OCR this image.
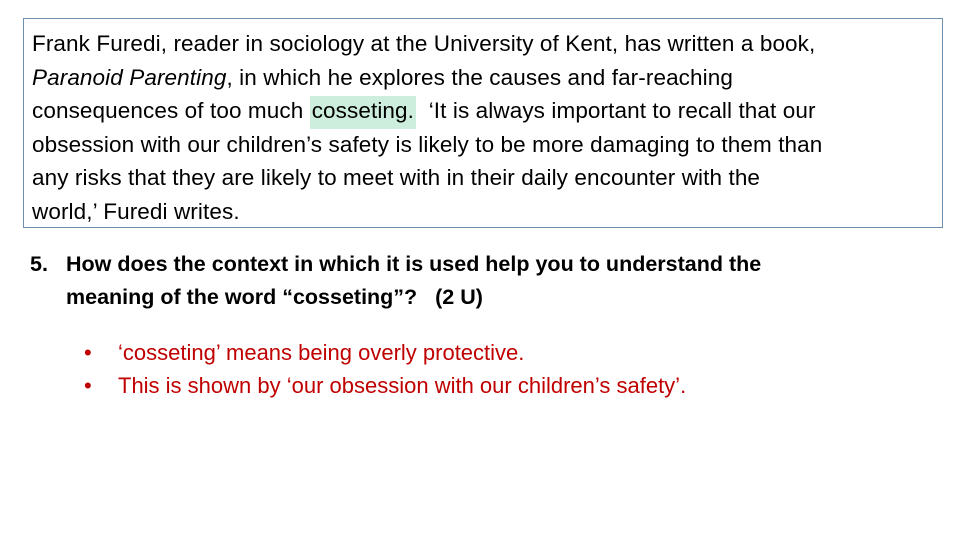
Frank Furedi, reader in sociology at the University of Kent, has written a book,
Paranoid Parenting, in which he explores the causes and far-reaching
consequences of too much cosseting.  ‘It is always important to recall that our
obsession with our children’s safety is likely to be more damaging to them than
any risks that they are likely to meet with in their daily encounter with the
world,’ Furedi writes.
5. How does the context in which it is used help you to understand the
meaning of the word “cosseting”?   (2 U)
• ‘cosseting’ means being overly protective.
• This is shown by ‘our obsession with our children’s safety’.
